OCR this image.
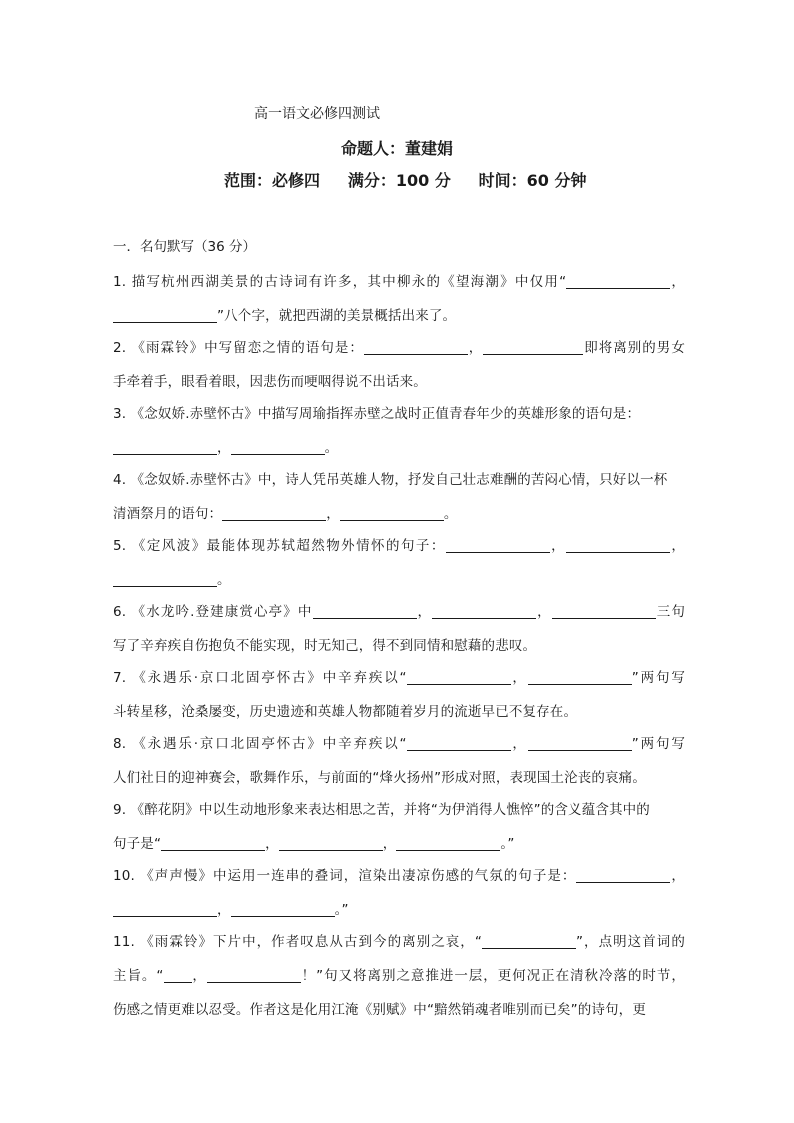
高一语文必修四测试
命题人：董建娟
范围：必修四     满分：100 分     时间：60 分钟
一．名句默写（36 分）
1. 描写杭州西湖美景的古诗词有许多，其中柳永的《望海潮》中仅用“	，
”八个字，就把西湖的美景概括出来了。
2. 《雨霖铃》中写留恋之情的语句是：	，	即将离别的男女
手牵着手，眼看着眼，因悲伤而哽咽得说不出话来。
3. 《念奴娇.赤壁怀古》中描写周瑜指挥赤壁之战时正值青春年少的英雄形象的语句是：
，	。
4. 《念奴娇.赤壁怀古》中，诗人凭吊英雄人物，抒发自己壮志难酬的苦闷心情，只好以一杯
清酒祭月的语句：	，	。
5. 《定风波》最能体现苏轼超然物外情怀的句子：	，	，
。
6. 《水龙吟.登建康赏心亭》中	，	，	三句
写了辛弃疾自伤抱负不能实现，时无知己，得不到同情和慰藉的悲叹。
7. 《永遇乐·京口北固亭怀古》中辛弃疾以“	，	”两句写
斗转星移，沧桑屡变，历史遗迹和英雄人物都随着岁月的流逝早已不复存在。
8. 《永遇乐·京口北固亭怀古》中辛弃疾以“	，	”两句写
人们社日的迎神赛会，歌舞作乐，与前面的“烽火扬州”形成对照，表现国土沦丧的哀痛。
9. 《醉花阴》中以生动地形象来表达相思之苦，并将“为伊消得人憔悴”的含义蕴含其中的
句子是“	，	，	。”
10. 《声声慢》中运用一连串的叠词，渲染出凄凉伤感的气氛的句子是：	，
，	。”
11. 《雨霖铃》下片中，作者叹息从古到今的离别之哀，“	”，点明这首词的
主旨。“ ，	！”句又将离别之意推进一层，更何况正在清秋冷落的时节，
伤感之情更难以忍受。作者这是化用江淹《别赋》中“黯然销魂者唯别而已矣”的诗句，更
